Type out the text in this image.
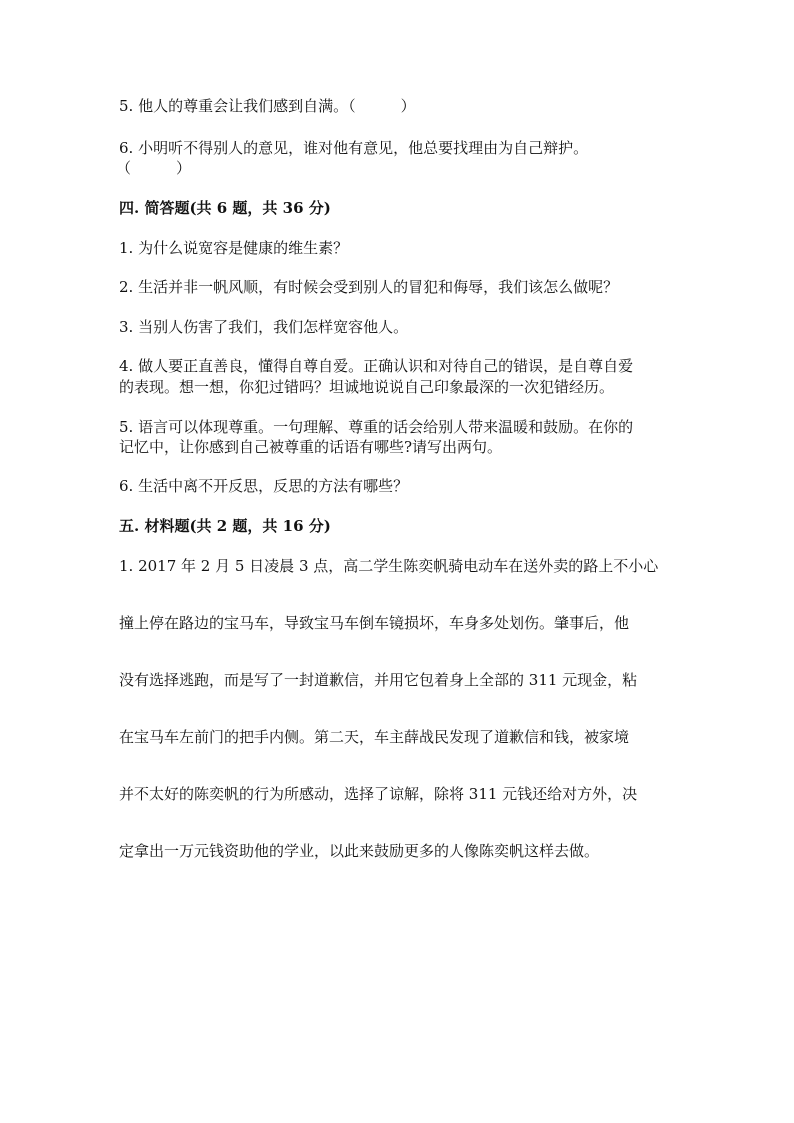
5. 他人的尊重会让我们感到自满。（　　　）

6. 小明听不得别人的意见，谁对他有意见，他总要找理由为自己辩护。

（　　　）

四. 简答题(共 6 题，共 36 分)

1. 为什么说宽容是健康的维生素？

2. 生活并非一帆风顺，有时候会受到别人的冒犯和侮辱，我们该怎么做呢？

3. 当别人伤害了我们，我们怎样宽容他人。

4. 做人要正直善良，懂得自尊自爱。正确认识和对待自己的错误，是自尊自爱

的表现。想一想，你犯过错吗？坦诚地说说自己印象最深的一次犯错经历。

5. 语言可以体现尊重。一句理解、尊重的话会给别人带来温暖和鼓励。在你的

记忆中，让你感到自己被尊重的话语有哪些?请写出两句。

6. 生活中离不开反思，反思的方法有哪些？

五. 材料题(共 2 题，共 16 分)

1. 2017 年 2 月 5 日凌晨 3 点，高二学生陈奕帆骑电动车在送外卖的路上不小心

撞上停在路边的宝马车，导致宝马车倒车镜损坏，车身多处划伤。肇事后，他

没有选择逃跑，而是写了一封道歉信，并用它包着身上全部的 311 元现金，粘

在宝马车左前门的把手内侧。第二天，车主薛战民发现了道歉信和钱，被家境

并不太好的陈奕帆的行为所感动，选择了谅解，除将 311 元钱还给对方外，决

定拿出一万元钱资助他的学业，以此来鼓励更多的人像陈奕帆这样去做。
